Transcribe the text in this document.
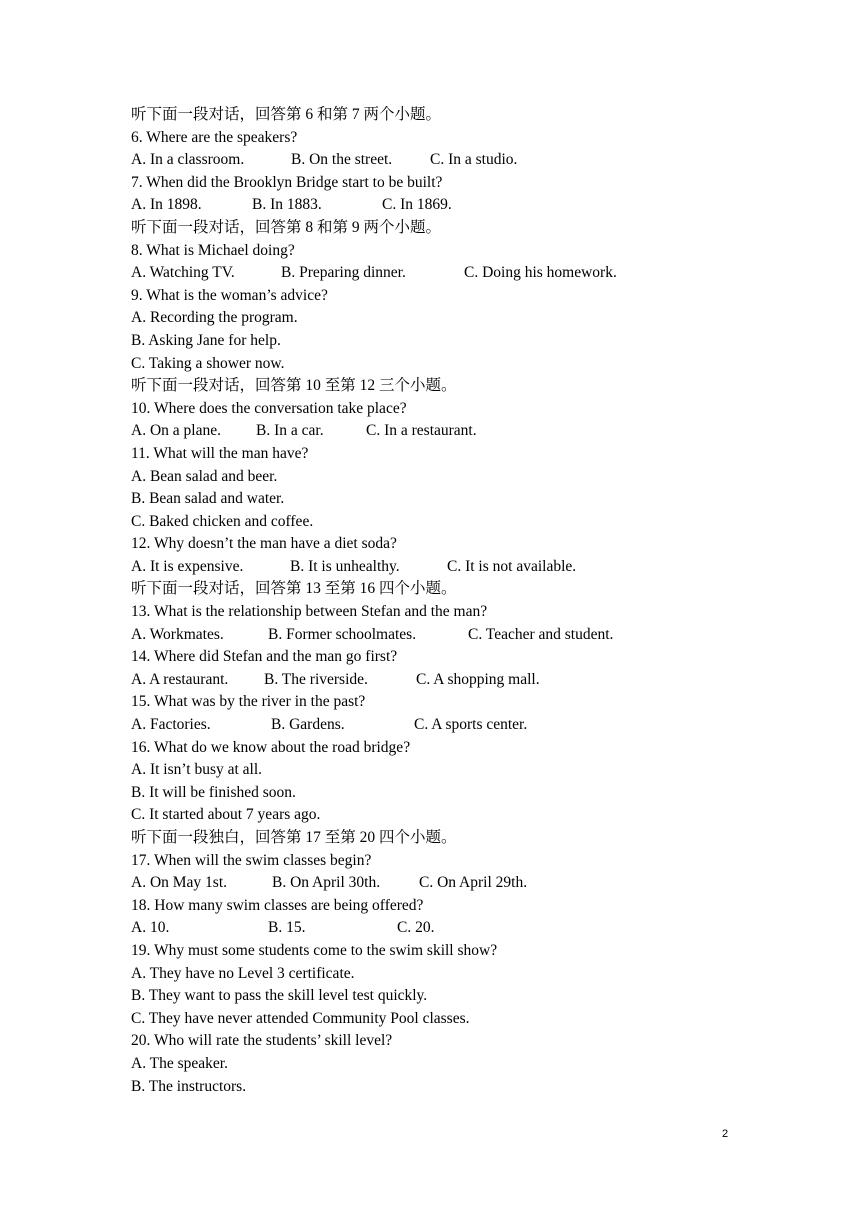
听下面一段对话，回答第 6 和第 7 两个小题。
6. Where are the speakers?
A. In a classroom.	B. On the street.	C. In a studio.
7. When did the Brooklyn Bridge start to be built?
A. In 1898.	B. In 1883.	C. In 1869.
听下面一段对话，回答第 8 和第 9 两个小题。
8. What is Michael doing?
A. Watching TV.	B. Preparing dinner.	C. Doing his homework.
9. What is the woman’s advice?
A. Recording the program.
B. Asking Jane for help.
C. Taking a shower now.
听下面一段对话，回答第 10 至第 12 三个小题。
10. Where does the conversation take place?
A. On a plane.	B. In a car.	C. In a restaurant.
11. What will the man have?
A. Bean salad and beer.
B. Bean salad and water.
C. Baked chicken and coffee.
12. Why doesn’t the man have a diet soda?
A. It is expensive.	B. It is unhealthy.	C. It is not available.
听下面一段对话，回答第 13 至第 16 四个小题。
13. What is the relationship between Stefan and the man?
A. Workmates.	B. Former schoolmates.	C. Teacher and student.
14. Where did Stefan and the man go first?
A. A restaurant.	B. The riverside.	C. A shopping mall.
15. What was by the river in the past?
A. Factories.	B. Gardens.	C. A sports center.
16. What do we know about the road bridge?
A. It isn’t busy at all.
B. It will be finished soon.
C. It started about 7 years ago.
听下面一段独白，回答第 17 至第 20 四个小题。
17. When will the swim classes begin?
A. On May 1st.	B. On April 30th.	C. On April 29th.
18. How many swim classes are being offered?
A. 10.	B. 15.	C. 20.
19. Why must some students come to the swim skill show?
A. They have no Level 3 certificate.
B. They want to pass the skill level test quickly.
C. They have never attended Community Pool classes.
20. Who will rate the students’ skill level?
A. The speaker.
B. The instructors.
2
